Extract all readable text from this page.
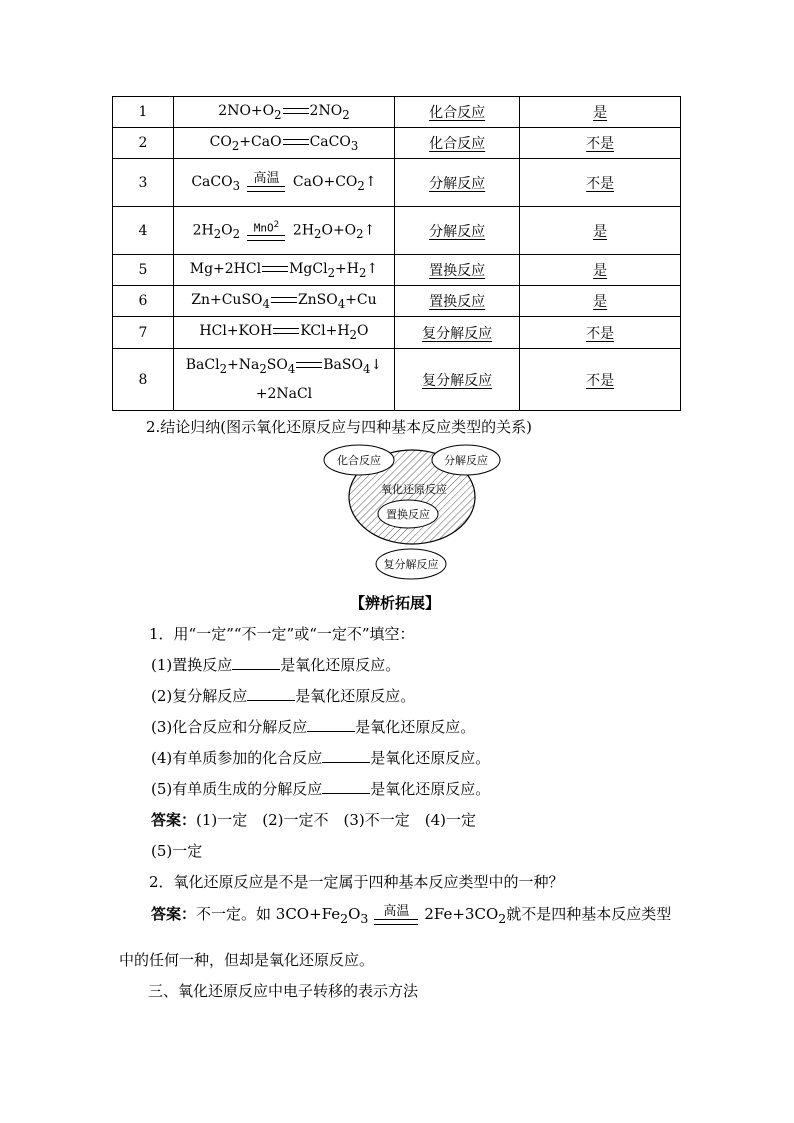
1	$2NO+O_2$ $2NO_2$	化合反应	是
2	$CO_2+CaO$ CaCO$_3$	化合反应	不是
3	CaCO$_3$ 高温 $CaO+CO_2↑$	分解反应	不是
4	$2H_2O_2$ MnO$^2$ $2H_2O+O_2↑$	分解反应	是
5	Mg+2HCl $MgCl_2+H_2↑$	置换反应	是
6	Zn+CuSO$_4$ ZnSO$_4$+Cu	置换反应	是
7	HCl+KOH $KCl+H_2O$	复分解反应	不是
8	$BaCl_2+Na_2SO_4$ BaSO$_4$↓
+2NaCl	复分解反应	不是
2.结论归纳(图示氧化还原反应与四种基本反应类型的关系)
化合反应	分解反应
氧化还原反应
置换反应
复分解反应
【辨析拓展】
1．用“一定”“不一定”或“一定不”填空：
(1)置换反应	是氧化还原反应。
(2)复分解反应	是氧化还原反应。
(3)化合反应和分解反应	是氧化还原反应。
(4)有单质参加的化合反应	是氧化还原反应。
(5)有单质生成的分解反应	是氧化还原反应。
答案：(1)一定　(2)一定不　(3)不一定　(4)一定
(5)一定
2．氧化还原反应是不是一定属于四种基本反应类型中的一种？
答案：不一定。如 $3CO+Fe_2O_3$ 高温 $2Fe+3CO_2$就不是四种基本反应类型
中的任何一种，但却是氧化还原反应。
三、氧化还原反应中电子转移的表示方法
